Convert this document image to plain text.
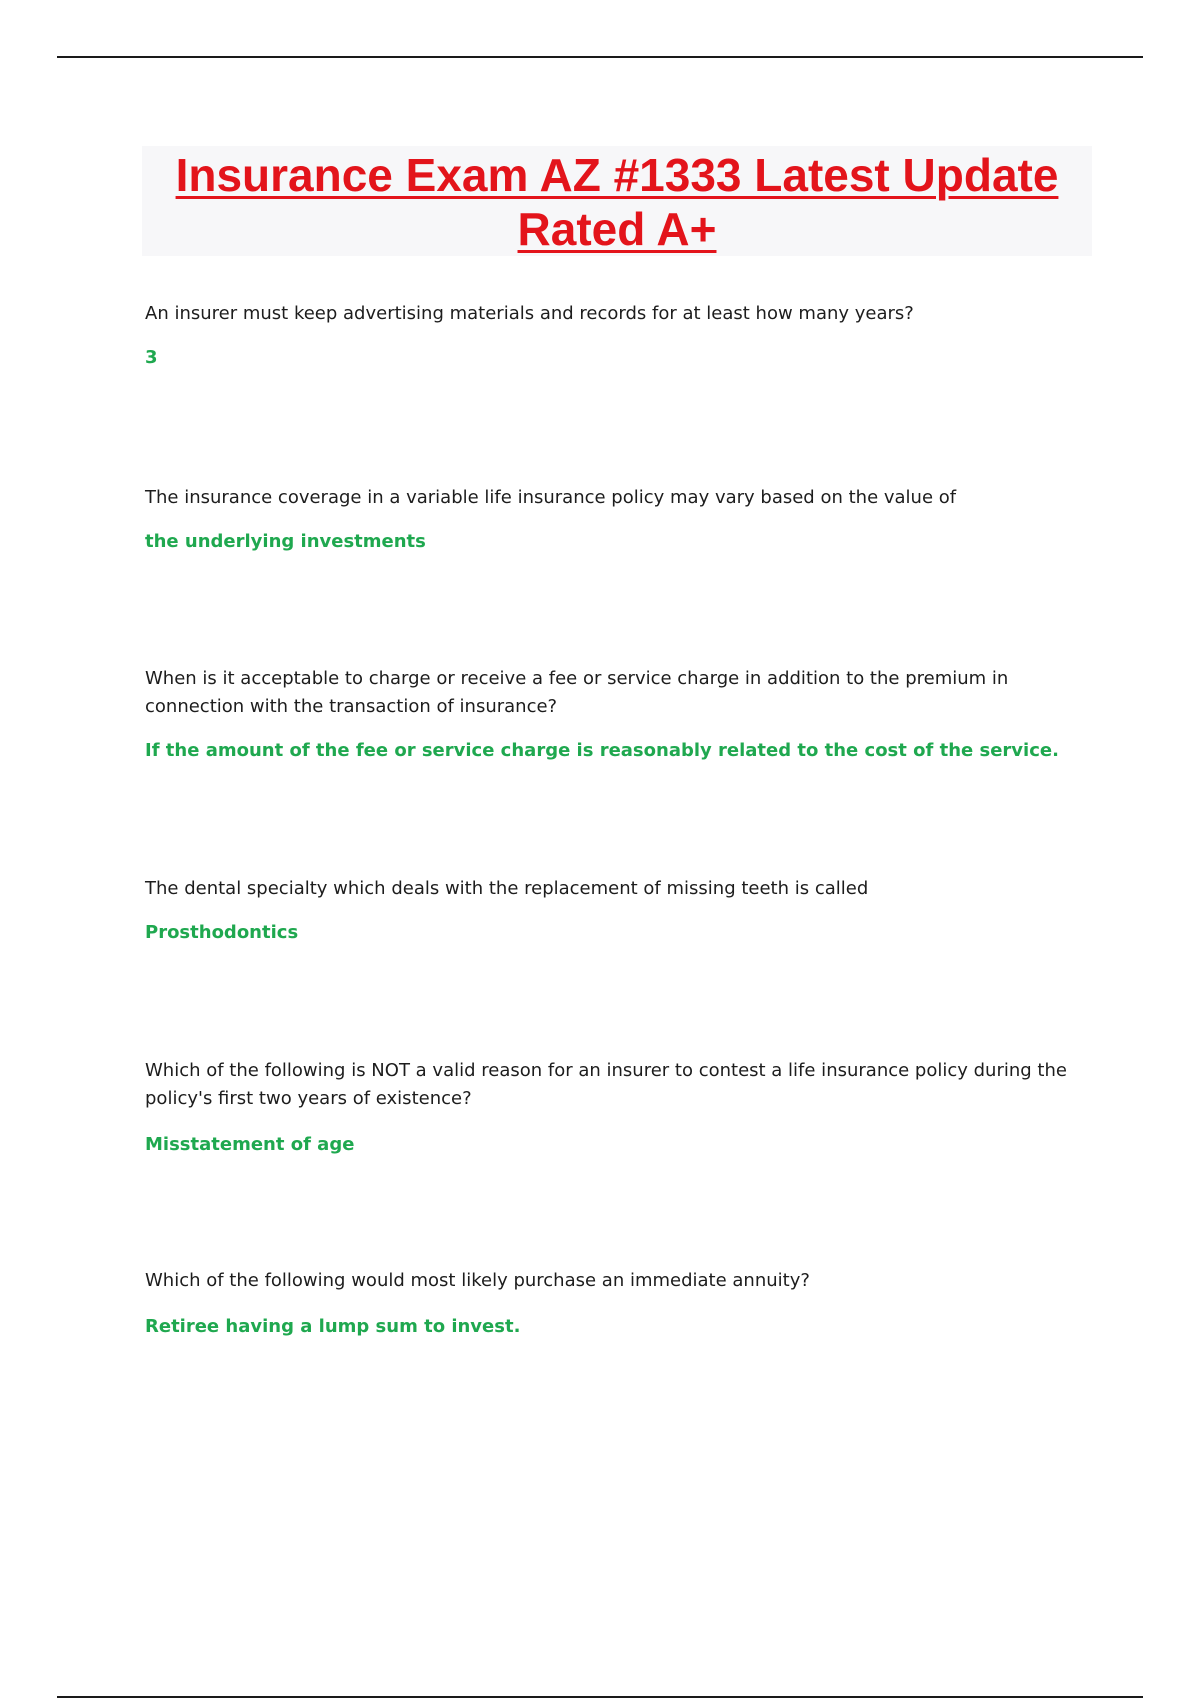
Insurance Exam AZ #1333 Latest Update
Rated A+

An insurer must keep advertising materials and records for at least how many years?

3

The insurance coverage in a variable life insurance policy may vary based on the value of

the underlying investments

When is it acceptable to charge or receive a fee or service charge in addition to the premium in connection with the transaction of insurance?

If the amount of the fee or service charge is reasonably related to the cost of the service.

The dental specialty which deals with the replacement of missing teeth is called

Prosthodontics

Which of the following is NOT a valid reason for an insurer to contest a life insurance policy during the policy's first two years of existence?

Misstatement of age

Which of the following would most likely purchase an immediate annuity?

Retiree having a lump sum to invest.
